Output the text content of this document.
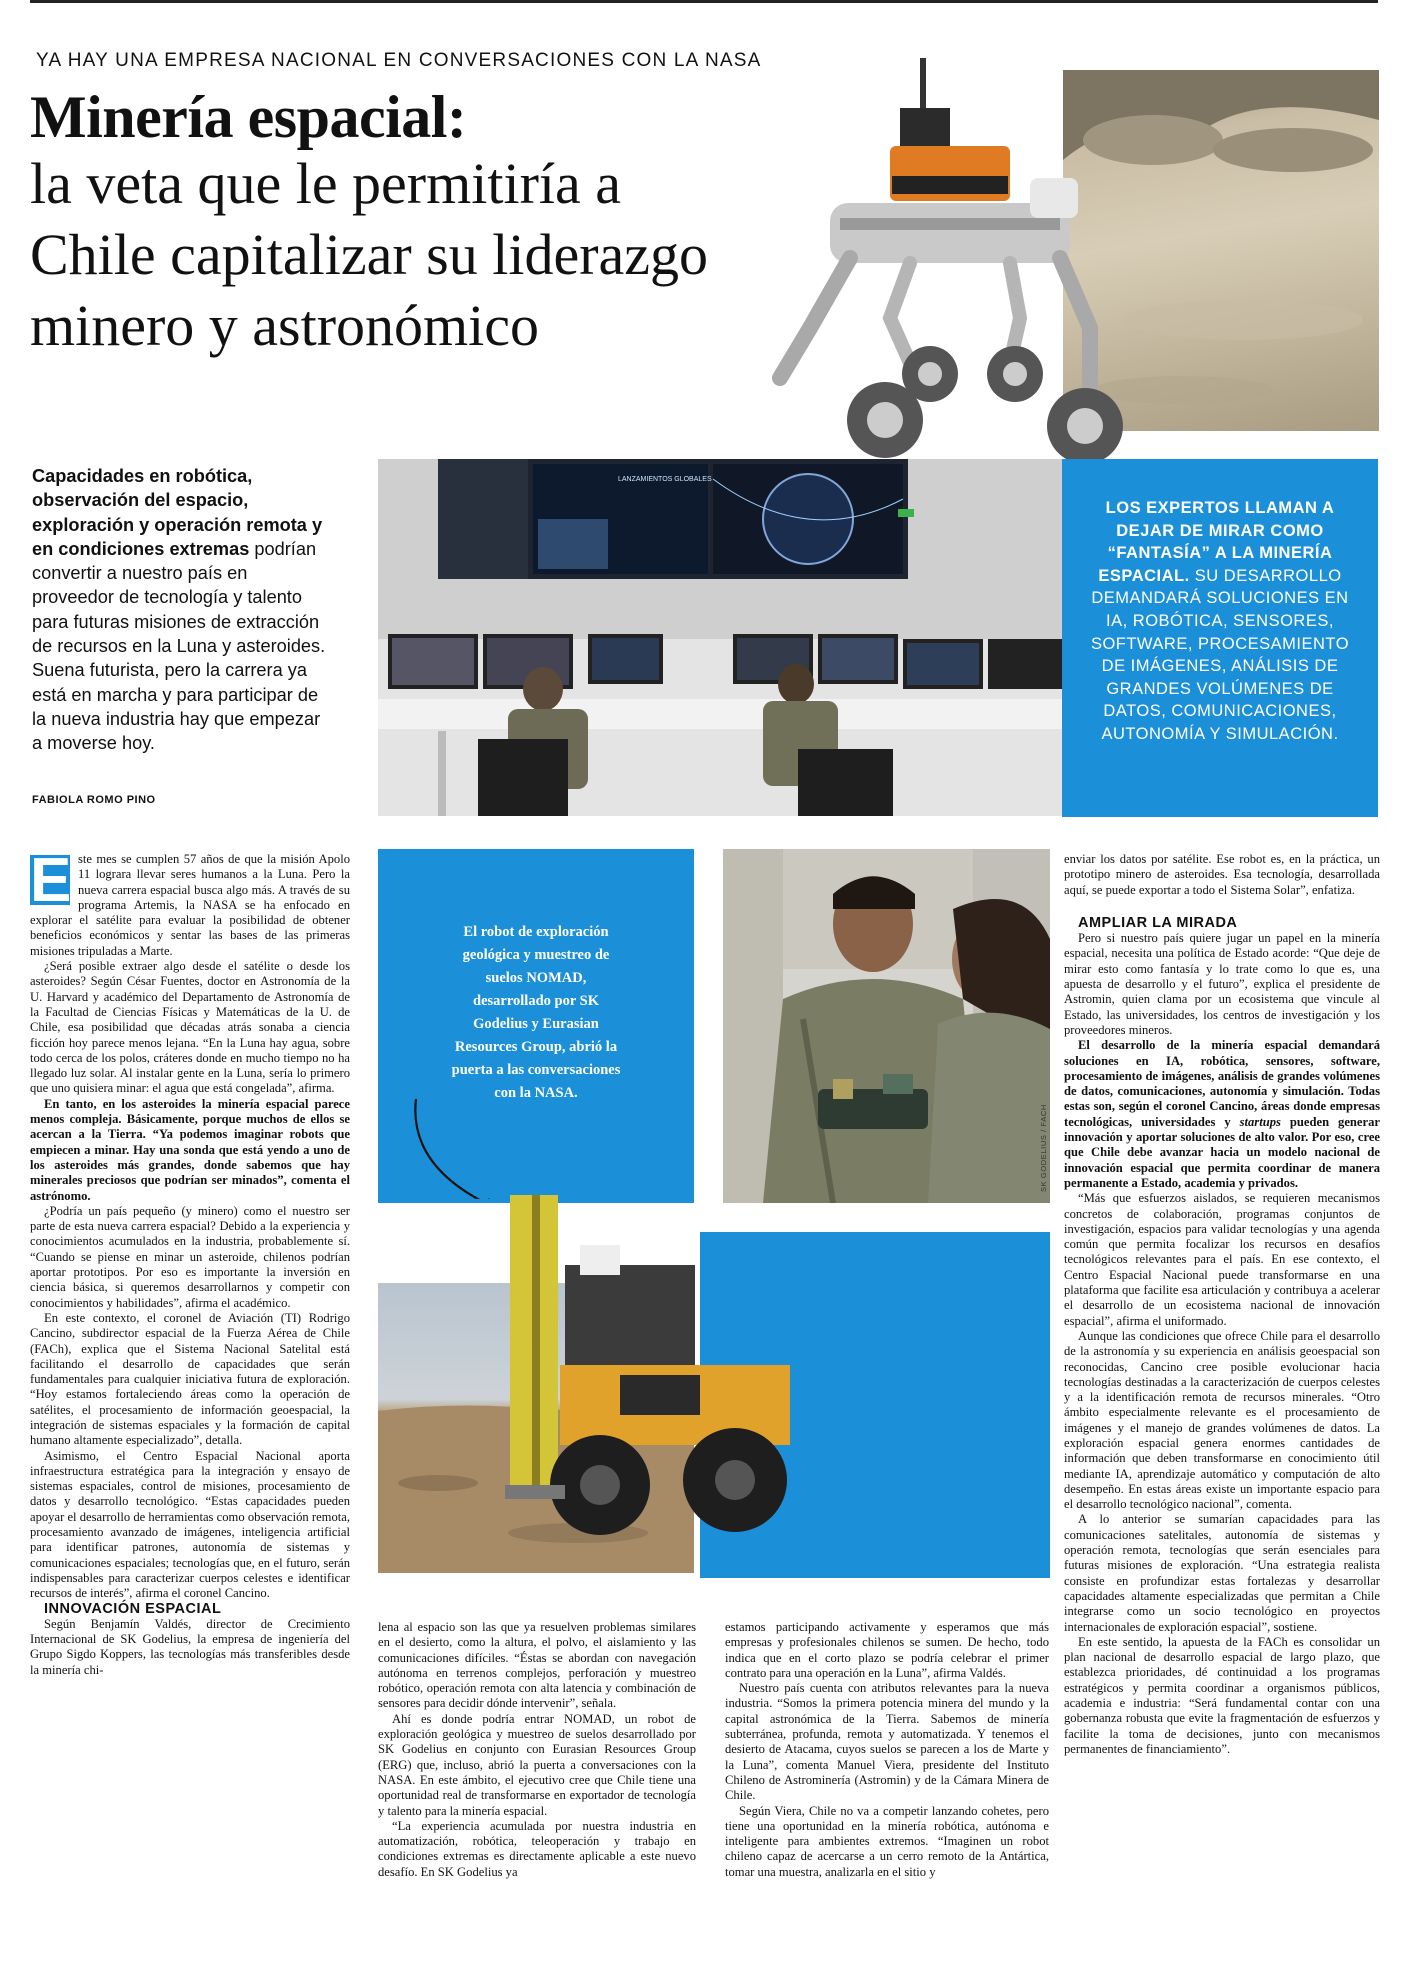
YA HAY UNA EMPRESA NACIONAL EN CONVERSACIONES CON LA NASA
Minería espacial:
la veta que le permitiría a Chile capitalizar su liderazgo minero y astronómico
Capacidades en robótica, observación del espacio, exploración y operación remota y en condiciones extremas podrían convertir a nuestro país en proveedor de tecnología y talento para futuras misiones de extracción de recursos en la Luna y asteroides. Suena futurista, pero la carrera ya está en marcha y para participar de la nueva industria hay que empezar a moverse hoy.
FABIOLA ROMO PINO
LANZAMIENTOS GLOBALES
LOS EXPERTOS LLAMAN A DEJAR DE MIRAR COMO “FANTASÍA” A LA MINERÍA ESPACIAL. SU DESARROLLO DEMANDARÁ SOLUCIONES EN IA, ROBÓTICA, SENSORES, SOFTWARE, PROCESAMIENTO DE IMÁGENES, ANÁLISIS DE GRANDES VOLÚMENES DE DATOS, COMUNICACIONES, AUTONOMÍA Y SIMULACIÓN.
El robot de exploración geológica y muestreo de suelos NOMAD, desarrollado por SK Godelius y Eurasian Resources Group, abrió la puerta a las conversaciones con la NASA.
SK GODELIUS / FACH

E ste mes se cumplen 57 años de que la misión Apolo 11 lograra llevar seres humanos a la Luna. Pero la nueva carrera espacial busca algo más. A través de su programa Artemis, la NASA se ha enfocado en explorar el satélite para evaluar la posibilidad de obtener beneficios económicos y sentar las bases de las primeras misiones tripuladas a Marte.

¿Será posible extraer algo desde el satélite o desde los asteroides? Según César Fuentes, doctor en Astronomía de la U. Harvard y académico del Departamento de Astronomía de la Facultad de Ciencias Físicas y Matemáticas de la U. de Chile, esa posibilidad que décadas atrás sonaba a ciencia ficción hoy parece menos lejana. “En la Luna hay agua, sobre todo cerca de los polos, cráteres donde en mucho tiempo no ha llegado luz solar. Al instalar gente en la Luna, sería lo primero que uno quisiera minar: el agua que está congelada”, afirma.

En tanto, en los asteroides la minería espacial parece menos compleja. Básicamente, porque muchos de ellos se acercan a la Tierra. “Ya podemos imaginar robots que empiecen a minar. Hay una sonda que está yendo a uno de los asteroides más grandes, donde sabemos que hay minerales preciosos que podrían ser minados”, comenta el astrónomo.

¿Podría un país pequeño (y minero) como el nuestro ser parte de esta nueva carrera espacial? Debido a la experiencia y conocimientos acumulados en la industria, probablemente sí. “Cuando se piense en minar un asteroide, chilenos podrían aportar prototipos. Por eso es importante la inversión en ciencia básica, si queremos desarrollarnos y competir con conocimientos y habilidades”, afirma el académico.

En este contexto, el coronel de Aviación (TI) Rodrigo Cancino, subdirector espacial de la Fuerza Aérea de Chile (FACh), explica que el Sistema Nacional Satelital está facilitando el desarrollo de capacidades que serán fundamentales para cualquier iniciativa futura de exploración. “Hoy estamos fortaleciendo áreas como la operación de satélites, el procesamiento de información geoespacial, la integración de sistemas espaciales y la formación de capital humano altamente especializado”, detalla.

Asimismo, el Centro Espacial Nacional aporta infraestructura estratégica para la integración y ensayo de sistemas espaciales, control de misiones, procesamiento de datos y desarrollo tecnológico. “Estas capacidades pueden apoyar el desarrollo de herramientas como observación remota, procesamiento avanzado de imágenes, inteligencia artificial para identificar patrones, autonomía de sistemas y comunicaciones espaciales; tecnologías que, en el futuro, serán indispensables para caracterizar cuerpos celestes e identificar recursos de interés”, afirma el coronel Cancino.

INNOVACIÓN ESPACIAL

Según Benjamín Valdés, director de Crecimiento Internacional de SK Godelius, la empresa de ingeniería del Grupo Sigdo Koppers, las tecnologías más transferibles desde la minería chi-

lena al espacio son las que ya resuelven problemas similares en el desierto, como la altura, el polvo, el aislamiento y las comunicaciones difíciles. “Éstas se abordan con navegación autónoma en terrenos complejos, perforación y muestreo robótico, operación remota con alta latencia y combinación de sensores para decidir dónde intervenir”, señala.

Ahí es donde podría entrar NOMAD, un robot de exploración geológica y muestreo de suelos desarrollado por SK Godelius en conjunto con Eurasian Resources Group (ERG) que, incluso, abrió la puerta a conversaciones con la NASA. En este ámbito, el ejecutivo cree que Chile tiene una oportunidad real de transformarse en exportador de tecnología y talento para la minería espacial.

“La experiencia acumulada por nuestra industria en automatización, robótica, teleoperación y trabajo en condiciones extremas es directamente aplicable a este nuevo desafío. En SK Godelius ya

estamos participando activamente y esperamos que más empresas y profesionales chilenos se sumen. De hecho, todo indica que en el corto plazo se podría celebrar el primer contrato para una operación en la Luna”, afirma Valdés.

Nuestro país cuenta con atributos relevantes para la nueva industria. “Somos la primera potencia minera del mundo y la capital astronómica de la Tierra. Sabemos de minería subterránea, profunda, remota y automatizada. Y tenemos el desierto de Atacama, cuyos suelos se parecen a los de Marte y la Luna”, comenta Manuel Viera, presidente del Instituto Chileno de Astrominería (Astromin) y de la Cámara Minera de Chile.

Según Viera, Chile no va a competir lanzando cohetes, pero tiene una oportunidad en la minería robótica, autónoma e inteligente para ambientes extremos. “Imaginen un robot chileno capaz de acercarse a un cerro remoto de la Antártica, tomar una muestra, analizarla en el sitio y

enviar los datos por satélite. Ese robot es, en la práctica, un prototipo minero de asteroides. Esa tecnología, desarrollada aquí, se puede exportar a todo el Sistema Solar”, enfatiza.

AMPLIAR LA MIRADA

Pero si nuestro país quiere jugar un papel en la minería espacial, necesita una política de Estado acorde: “Que deje de mirar esto como fantasía y lo trate como lo que es, una apuesta de desarrollo y el futuro”, explica el presidente de Astromin, quien clama por un ecosistema que vincule al Estado, las universidades, los centros de investigación y los proveedores mineros.

El desarrollo de la minería espacial demandará soluciones en IA, robótica, sensores, software, procesamiento de imágenes, análisis de grandes volúmenes de datos, comunicaciones, autonomía y simulación. Todas estas son, según el coronel Cancino, áreas donde empresas tecnológicas, universidades y startups pueden generar innovación y aportar soluciones de alto valor. Por eso, cree que Chile debe avanzar hacia un modelo nacional de innovación espacial que permita coordinar de manera permanente a Estado, academia y privados.

“Más que esfuerzos aislados, se requieren mecanismos concretos de colaboración, programas conjuntos de investigación, espacios para validar tecnologías y una agenda común que permita focalizar los recursos en desafíos tecnológicos relevantes para el país. En ese contexto, el Centro Espacial Nacional puede transformarse en una plataforma que facilite esa articulación y contribuya a acelerar el desarrollo de un ecosistema nacional de innovación espacial”, afirma el uniformado.

Aunque las condiciones que ofrece Chile para el desarrollo de la astronomía y su experiencia en análisis geoespacial son reconocidas, Cancino cree posible evolucionar hacia tecnologías destinadas a la caracterización de cuerpos celestes y a la identificación remota de recursos minerales. “Otro ámbito especialmente relevante es el procesamiento de imágenes y el manejo de grandes volúmenes de datos. La exploración espacial genera enormes cantidades de información que deben transformarse en conocimiento útil mediante IA, aprendizaje automático y computación de alto desempeño. En estas áreas existe un importante espacio para el desarrollo tecnológico nacional”, comenta.

A lo anterior se sumarían capacidades para las comunicaciones satelitales, autonomía de sistemas y operación remota, tecnologías que serán esenciales para futuras misiones de exploración. “Una estrategia realista consiste en profundizar estas fortalezas y desarrollar capacidades altamente especializadas que permitan a Chile integrarse como un socio tecnológico en proyectos internacionales de exploración espacial”, sostiene.

En este sentido, la apuesta de la FACh es consolidar un plan nacional de desarrollo espacial de largo plazo, que establezca prioridades, dé continuidad a los programas estratégicos y permita coordinar a organismos públicos, academia e industria: “Será fundamental contar con una gobernanza robusta que evite la fragmentación de esfuerzos y facilite la toma de decisiones, junto con mecanismos permanentes de financiamiento”.
